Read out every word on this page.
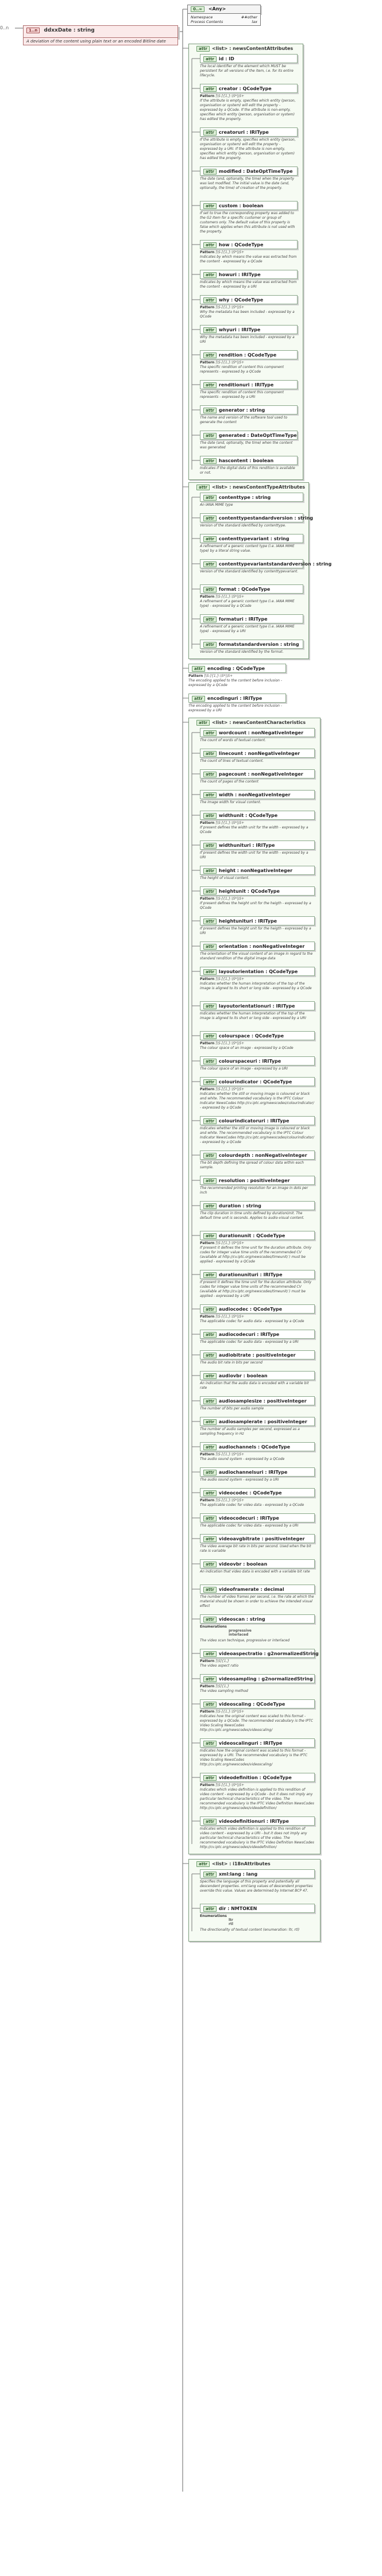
0..n	1..n ddxxDate : string
A deviation of the content using plain text or an encoded Bitline date
0..∞ <Any>
Namespace	##other
Process Contents	lax
attr <list> : newsContentAttributes
attr id : ID
The local identifier of the element which MUST be persistent for all versions of the item, i.e. for its entire lifecycle.
attr creator : QCodeType
Pattern [\S-]{1,}:\S*|\S+
If the attribute is empty, specifies which entity (person, organisation or system) will edit the property - expressed by a QCode. If the attribute is non-empty, specifies which entity (person, organisation or system) has edited the property.
attr creatoruri : IRIType
If the attribute is empty, specifies which entity (person, organisation or system) will edit the property - expressed by a URI. If the attribute is non-empty, specifies which entity (person, organisation or system) has edited the property.
attr modified : DateOptTimeType
The date (and, optionally, the time) when the property was last modified. The initial value is the date (and, optionally, the time) of creation of the property.
attr custom : boolean
If set to true the corresponding property was added to the G2 Item for a specific customer or group of customers only. The default value of this property is false which applies when this attribute is not used with the property.
attr how : QCodeType
Pattern [\S-]{1,}:\S*|\S+
Indicates by which means the value was extracted from the content - expressed by a QCode
attr howuri : IRIType
Indicates by which means the value was extracted from the content - expressed by a URI
attr why : QCodeType
Pattern [\S-]{1,}:\S*|\S+
Why the metadata has been included - expressed by a QCode
attr whyuri : IRIType
Why the metadata has been included - expressed by a URI
attr rendition : QCodeType
Pattern [\S-]{1,}:\S*|\S+
The specific rendition of content this component represents - expressed by a QCode
attr renditionuri : IRIType
The specific rendition of content this component represents - expressed by a URI
attr generator : string
The name and version of the software tool used to generate the content
attr generated : DateOptTimeType
The date (and, optionally, the time) when the content was generated
attr hascontent : boolean
Indicates if the digital data of this rendition is available or not.
attr <list> : newsContentTypeAttributes
attr contenttype : string
An IANA MIME type
attr contenttypestandardversion : string
Version of the standard identified by contenttype.
attr contenttypevariant : string
A refinement of a generic content type (i.e. IANA MIME type) by a literal string value.
attr contenttypevariantstandardversion : string
Version of the standard identified by contenttypevariant.
attr format : QCodeType
Pattern [\S-]{1,}:\S*|\S+
A refinement of a generic content type (i.e. IANA MIME type) - expressed by a QCode
attr formaturi : IRIType
A refinement of a generic content type (i.e. IANA MIME type) - expressed by a URI
attr formatstandardversion : string
Version of the standard identified by the format.
attr encoding : QCodeType
Pattern [\S-]{1,}:\S*|\S+
The encoding applied to the content before inclusion - expressed by a QCode
attr encodinguri : IRIType
The encoding applied to the content before inclusion - expressed by a URI
attr <list> : newsContentCharacteristics
attr wordcount : nonNegativeInteger
The count of words of textual content.
attr linecount : nonNegativeInteger
The count of lines of textual content.
attr pagecount : nonNegativeInteger
The count of pages of the content
attr width : nonNegativeInteger
The image width for visual content.
attr widthunit : QCodeType
Pattern [\S-]{1,}:\S*|\S+
If present defines the width unit for the width - expressed by a QCode
attr widthunituri : IRIType
If present defines the width unit for the width - expressed by a URI
attr height : nonNegativeInteger
The height of visual content.
attr heightunit : QCodeType
Pattern [\S-]{1,}:\S*|\S+
If present defines the height unit for the heigth - expressed by a QCode
attr heightunituri : IRIType
If present defines the height unit for the heigth - expressed by a URI
attr orientation : nonNegativeInteger
The orientation of the visual content of an image in regard to the standard rendition of the digital image data
attr layoutorientation : QCodeType
Pattern [\S-]{1,}:\S*|\S+
Indicates whether the human interpretation of the top of the image is aligned to its short or long side - expressed by a QCode
attr layoutorientationuri : IRIType
Indicates whether the human interpretation of the top of the image is aligned to its short or long side - expressed by a URI
attr colourspace : QCodeType
Pattern [\S-]{1,}:\S*|\S+
The colour space of an image - expressed by a QCode
attr colourspaceuri : IRIType
The colour space of an image - expressed by a URI
attr colourindicator : QCodeType
Pattern [\S-]{1,}:\S*|\S+
Indicates whether the still or moving image is coloured or black and white. The recommended vocabulary is the IPTC Colour Indicator NewsCodes http://cv.iptc.org/newscodes/colourindicator/ - expressed by a QCode
attr colourindicatoruri : IRIType
Indicates whether the still or moving image is coloured or black and white. The recommended vocabulary is the IPTC Colour Indicator NewsCodes http://cv.iptc.org/newscodes/colourindicator/ - expressed by a QCode
attr colourdepth : nonNegativeInteger
The bit depth defining the spread of colour data within each sample.
attr resolution : positiveInteger
The recommended printing resolution for an image in dots per inch
attr duration : string
The clip duration in time units defined by durationUnit. The default time unit is seconds. Applies to audio-visual content.
attr durationunit : QCodeType
Pattern [\S-]{1,}:\S*|\S+
If present it defines the time unit for the duration attribute. Only codes for integer value time units of the recommended CV (available at http://cv.iptc.org/newscodes/timeunit/ ) must be applied - expressed by a QCode
attr durationunituri : IRIType
If present it defines the time unit for the duration attribute. Only codes for integer value time units of the recommended CV (available at http://cv.iptc.org/newscodes/timeunit/ ) must be applied - expressed by a URI
attr audiocodec : QCodeType
Pattern [\S-]{1,}:\S*|\S+
The applicable codec for audio data - expressed by a QCode
attr audiocodecuri : IRIType
The applicable codec for audio data - expressed by a URI
attr audiobitrate : positiveInteger
The audio bit rate in bits per second
attr audiovbr : boolean
An indication that the audio data is encoded with a variable bit rate
attr audiosamplesize : positiveInteger
The number of bits per audio sample
attr audiosamplerate : positiveInteger
The number of audio samples per second, expressed as a sampling frequency in Hz
attr audiochannels : QCodeType
Pattern [\S-]{1,}:\S*|\S+
The audio sound system - expressed by a QCode
attr audiochannelsuri : IRIType
The audio sound system - expressed by a URI
attr videocodec : QCodeType
Pattern [\S-]{1,}:\S*|\S+
The applicable codec for video data - expressed by a QCode
attr videocodecuri : IRIType
The applicable codec for video data - expressed by a URI
attr videoavgbitrate : positiveInteger
The video average bit rate in bits per second. Used when the bit rate is variable
attr videovbr : boolean
An indication that video data is encoded with a variable bit rate
attr videoframerate : decimal
The number of video frames per second, i.e. the rate at which the material should be shown in order to achieve the intended visual effect
attr videoscan : string
Enumerations
progressive
interlaced
The video scan technique, progressive or interlaced
attr videoaspectratio : g2normalizedString
Pattern [\S]{1,}
The video aspect ratio
attr videosampling : g2normalizedString
Pattern [\S]{1,}
The video sampling method
attr videoscaling : QCodeType
Pattern [\S-]{1,}:\S*|\S+
Indicates how the original content was scaled to this format - expressed by a QCode. The recommended vocabulary is the IPTC Video Scaling NewsCodes http://cv.iptc.org/newscodes/videoscaling/
attr videoscalinguri : IRIType
Indicates how the original content was scaled to this format - expressed by a URI. The recommended vocabulary is the IPTC Video Scaling NewsCodes http://cv.iptc.org/newscodes/videoscaling/
attr videodefinition : QCodeType
Pattern [\S-]{1,}:\S*|\S+
Indicates which video definition is applied to this rendition of video content - expressed by a QCode - but it does not imply any particular technical characteristics of the video. The recommended vocabulary is the IPTC Video Definition NewsCodes http://cv.iptc.org/newscodes/videodefinition/
attr videodefinitionuri : IRIType
Indicates which video definition is applied to this rendition of video content - expressed by a URI - but it does not imply any particular technical characteristics of the video. The recommended vocabulary is the IPTC Video Definition NewsCodes http://cv.iptc.org/newscodes/videodefinition/
attr <list> : i18nAttributes
attr xml:lang : lang
Specifies the language of this property and potentially all descendent properties. xml:lang values of descendent properties override this value. Values are determined by Internet BCP 47.
attr dir : NMTOKEN
Enumerations
ltr
rtl
The directionality of textual content (enumeration: ltr, rtl)
